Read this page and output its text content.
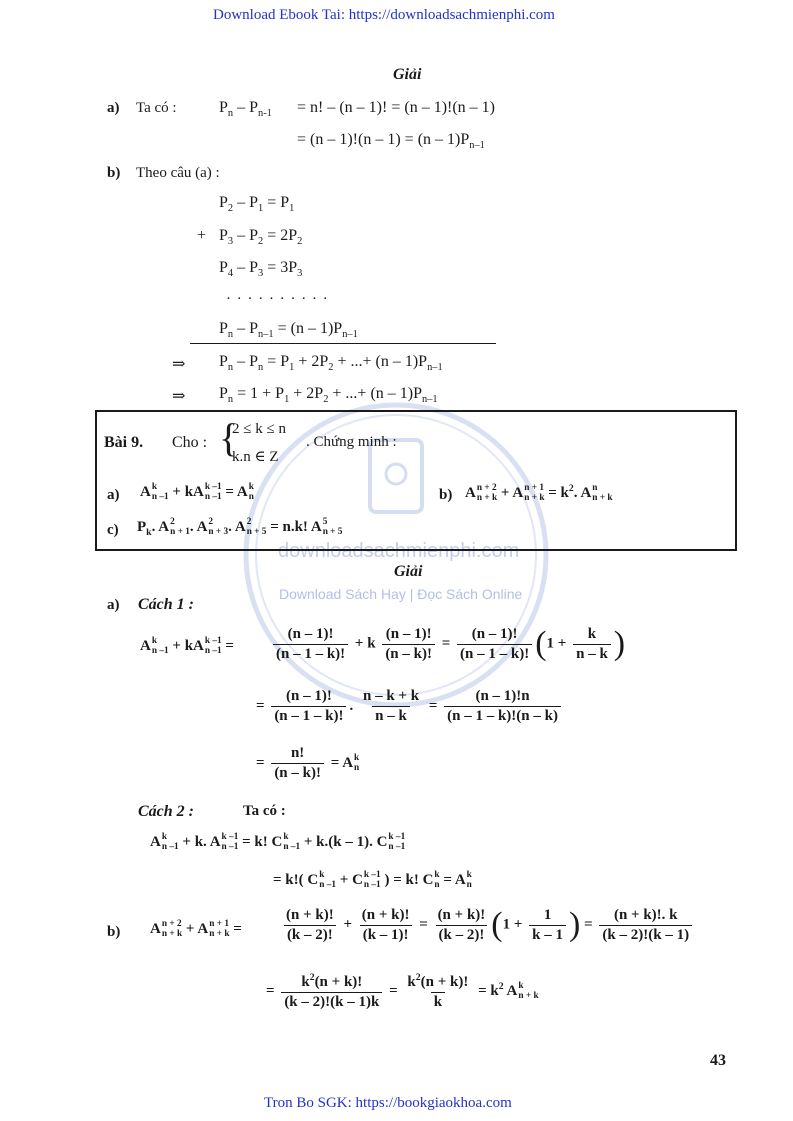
Download Ebook Tai: https://downloadsachmienphi.com
downloadsachmienphi.com
Download Sách Hay | Đọc Sách Online
Giải
a) Ta có :	$P_n - P_{n-1} = n$! – (n – 1)! = (n – 1)!(n – 1)
= $(n - 1)!(n - 1) = (n - 1)P_{n-1}$
b) Theo câu (a) :
$P_2 - P_1 = P_1$
+ $P_3 - P_2 = 2P_2$
$P_4 - P_3 = 3P_3$
· · · · · · · · · ·
$P_n - P_{n-1} = (n - 1)P_{n-1}$
⇒ $P_n - P_n = P_1 + 2P_2$ + ...+ $(n - 1)P_{n-1}$
⇒ $P_n = 1 + P_1 + 2P_2$ + ...+ $(n - 1)P_{n-1}$
Bài 9. Cho : {
2 ≤ k ≤ n
k.n ∈ Z
. Chứng minh :
a) A k
n –1 + kA k –1
n –1 = A k
n	b) A n + 2
n + k + A n + 1
$n + k = k^2$. A n
n + k
c) $P_k$. A 2
n + 1 . A 2
n + 3 . A 2
n + 5 = n.k! A 5
n + 5
Giải
a) Cách 1 :
A k
n –1 + kA k –1
n –1 =	$\frac{(n - 1)!}{(n - 1 - k)!} + k \frac{(n - 1)!}{(n - k)!} = \frac{(n - 1)!}{(n - 1 - k)!} (1 + \frac{k}{n - k}$ )
= $\frac{(n - 1)!}{(n - 1 - k)!}$ . $\frac{n - k + k}{n - k} = \frac{(n - 1)!n}{(n - 1 - k)!(n - k)}$
= $\frac{n!}{(n - k)!} = A$ k
n
Cách 2 :	Ta có :
A k
n –1 + k. A k –1
n –1 = k! C k
n –1 + k.(k – 1). C k –1
n –1
= k!( C k
n –1 + C k –1
n –1 ) = k! C k
n = A k
n
b) A n + 2
n + k + A n + 1
n + k =	$\frac{(n + k)!}{(k - 2)!} + \frac{(n + k)!}{(k - 1)!} = \frac{(n + k)!}{(k - 2)!} (1 + \frac{1}{k - 1}$ ) = $\frac{(n + k)!. k}{(k - 2)!(k - 1)}$
= $\frac{k^2(n + k)!}{(k - 2)!(k - 1)k} = \frac{k^2(n + k)!}{k} = k^2$ A k
n + k
43
Tron Bo SGK: https://bookgiaokhoa.com
